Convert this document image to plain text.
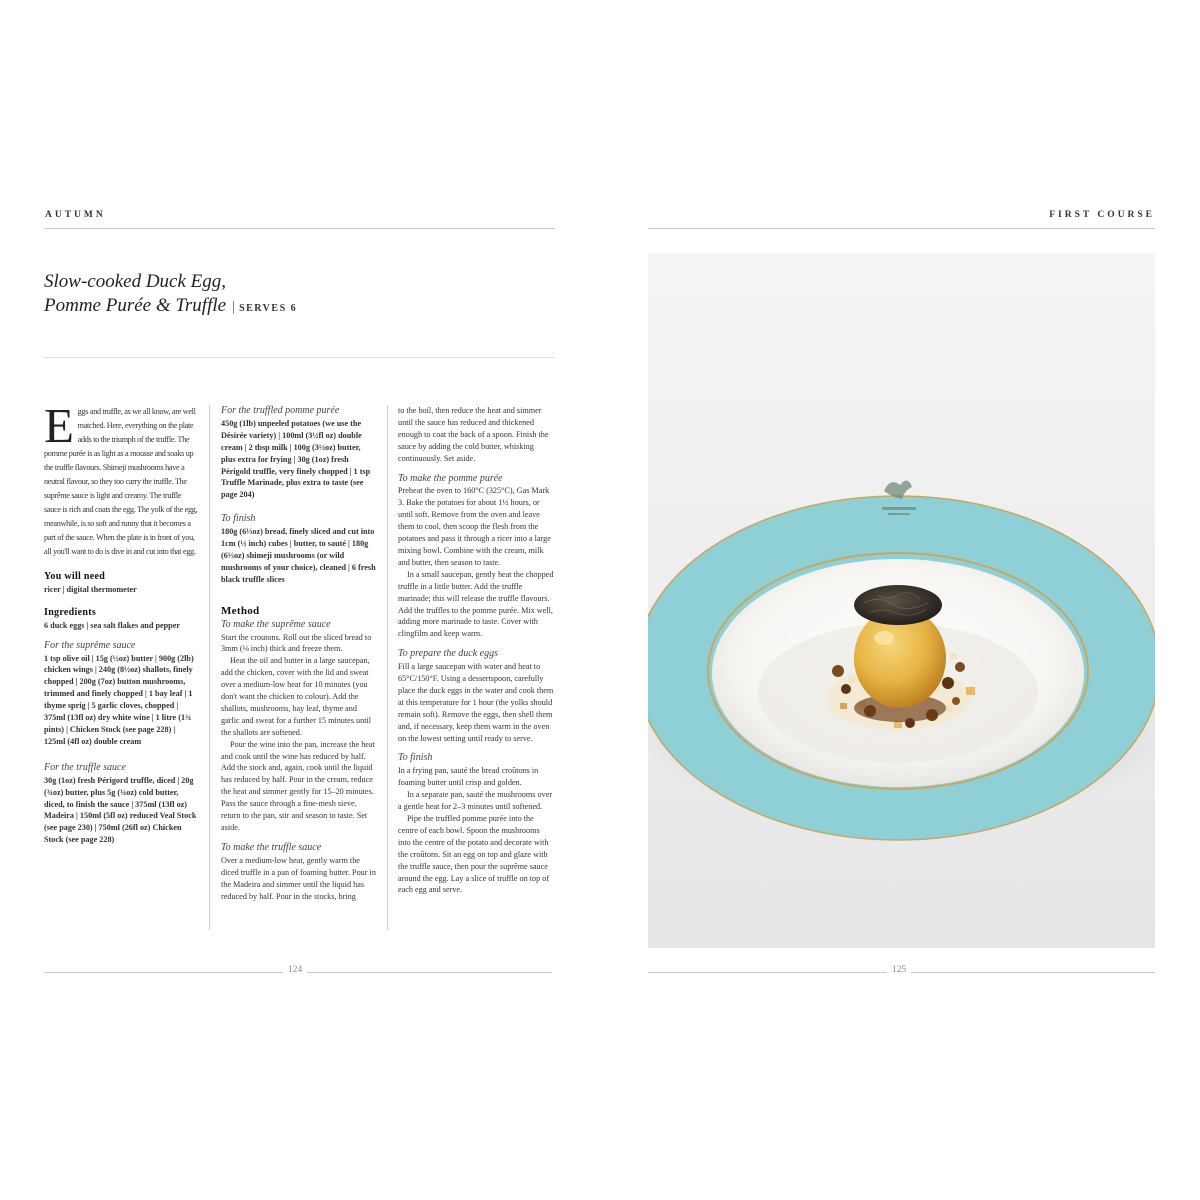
AUTUMN
Slow-cooked Duck Egg,
Pomme Purée & Truffle | SERVES 6

Eggs and truffle, as we all know, are well matched. Here, everything on the plate adds to the triumph of the truffle. The pomme purée is as light as a mousse and soaks up the truffle flavours. Shimeji mushrooms have a neutral flavour, so they too carry the truffle. The suprême sauce is light and creamy. The truffle sauce is rich and coats the egg. The yolk of the egg, meanwhile, is so soft and runny that it becomes a part of the sauce. When the plate is in front of you, all you'll want to do is dive in and cut into that egg.

You will need

ricer | digital thermometer

Ingredients

6 duck eggs | sea salt flakes and pepper

For the suprême sauce

1 tsp olive oil | 15g (½oz) butter | 900g (2lb) chicken wings | 240g (8½oz) shallots, finely chopped | 200g (7oz) button mushrooms, trimmed and finely chopped | 1 bay leaf | 1 thyme sprig | 5 garlic cloves, chopped | 375ml (13fl oz) dry white wine | 1 litre (1¾ pints) | Chicken Stock (see page 228) | 125ml (4fl oz) double cream

For the truffle sauce

30g (1oz) fresh Périgord truffle, diced | 20g (¾oz) butter, plus 5g (¼oz) cold butter, diced, to finish the sauce | 375ml (13fl oz) Madeira | 150ml (5fl oz) reduced Veal Stock (see page 230) | 750ml (26fl oz) Chicken Stock (see page 228)

For the truffled pomme purée

450g (1lb) unpeeled potatoes (we use the Désirée variety) | 100ml (3½fl oz) double cream | 2 tbsp milk | 100g (3½oz) butter, plus extra for frying | 30g (1oz) fresh Périgold truffle, very finely chopped | 1 tsp Truffle Marinade, plus extra to taste (see page 204)

To finish

180g (6⅓oz) bread, finely sliced and cut into 1cm (½ inch) cubes | butter, to sauté | 180g (6⅓oz) shimeji mushrooms (or wild mushrooms of your choice), cleaned | 6 fresh black truffle slices

Method
To make the suprême sauce

Start the croutons. Roll out the sliced bread to 3mm (⅛ inch) thick and freeze them.

Heat the oil and butter in a large saucepan, add the chicken, cover with the lid and sweat over a medium-low heat for 10 minutes (you don't want the chicken to colour). Add the shallots, mushrooms, bay leaf, thyme and garlic and sweat for a further 15 minutes until the shallots are softened.

Pour the wine into the pan, increase the heat and cook until the wine has reduced by half. Add the stock and, again, cook until the liquid has reduced by half. Pour in the cream, reduce the heat and simmer gently for 15–20 minutes. Pass the sauce through a fine-mesh sieve, return to the pan, stir and season to taste. Set aside.

To make the truffle sauce

Over a medium-low heat, gently warm the diced truffle in a pan of foaming butter. Pour in the Madeira and simmer until the liquid has reduced by half. Pour in the stocks, bring

to the boil, then reduce the heat and simmer until the sauce has reduced and thickened enough to coat the back of a spoon. Finish the sauce by adding the cold butter, whisking continuously. Set aside.

To make the pomme purée

Preheat the oven to 160°C (325°C), Gas Mark 3. Bake the potatoes for about 1½ hours, or until soft. Remove from the oven and leave them to cool, then scoop the flesh from the potatoes and pass it through a ricer into a large mixing bowl. Combine with the cream, milk and butter, then season to taste.

In a small saucepan, gently heat the chopped truffle in a little butter. Add the truffle marinade; this will release the truffle flavours. Add the truffles to the pomme purée. Mix well, adding more marinade to taste. Cover with clingfilm and keep warm.

To prepare the duck eggs

Fill a large saucepan with water and heat to 65°C/150°F. Using a dessertspoon, carefully place the duck eggs in the water and cook them at this temperature for 1 hour (the yolks should remain soft). Remove the eggs, then shell them and, if necessary, keep them warm in the oven on the lowest setting until ready to serve.

To finish

In a frying pan, sauté the bread croûtons in foaming butter until crisp and golden.

In a separate pan, sauté the mushrooms over a gentle heat for 2–3 minutes until softened.

Pipe the truffled pomme purée into the centre of each bowl. Spoon the mushrooms into the centre of the potato and decorate with the croûtons. Sit an egg on top and glaze with the truffle sauce, then pour the suprême sauce around the egg. Lay a slice of truffle on top of each egg and serve.

124
FIRST COURSE
125
